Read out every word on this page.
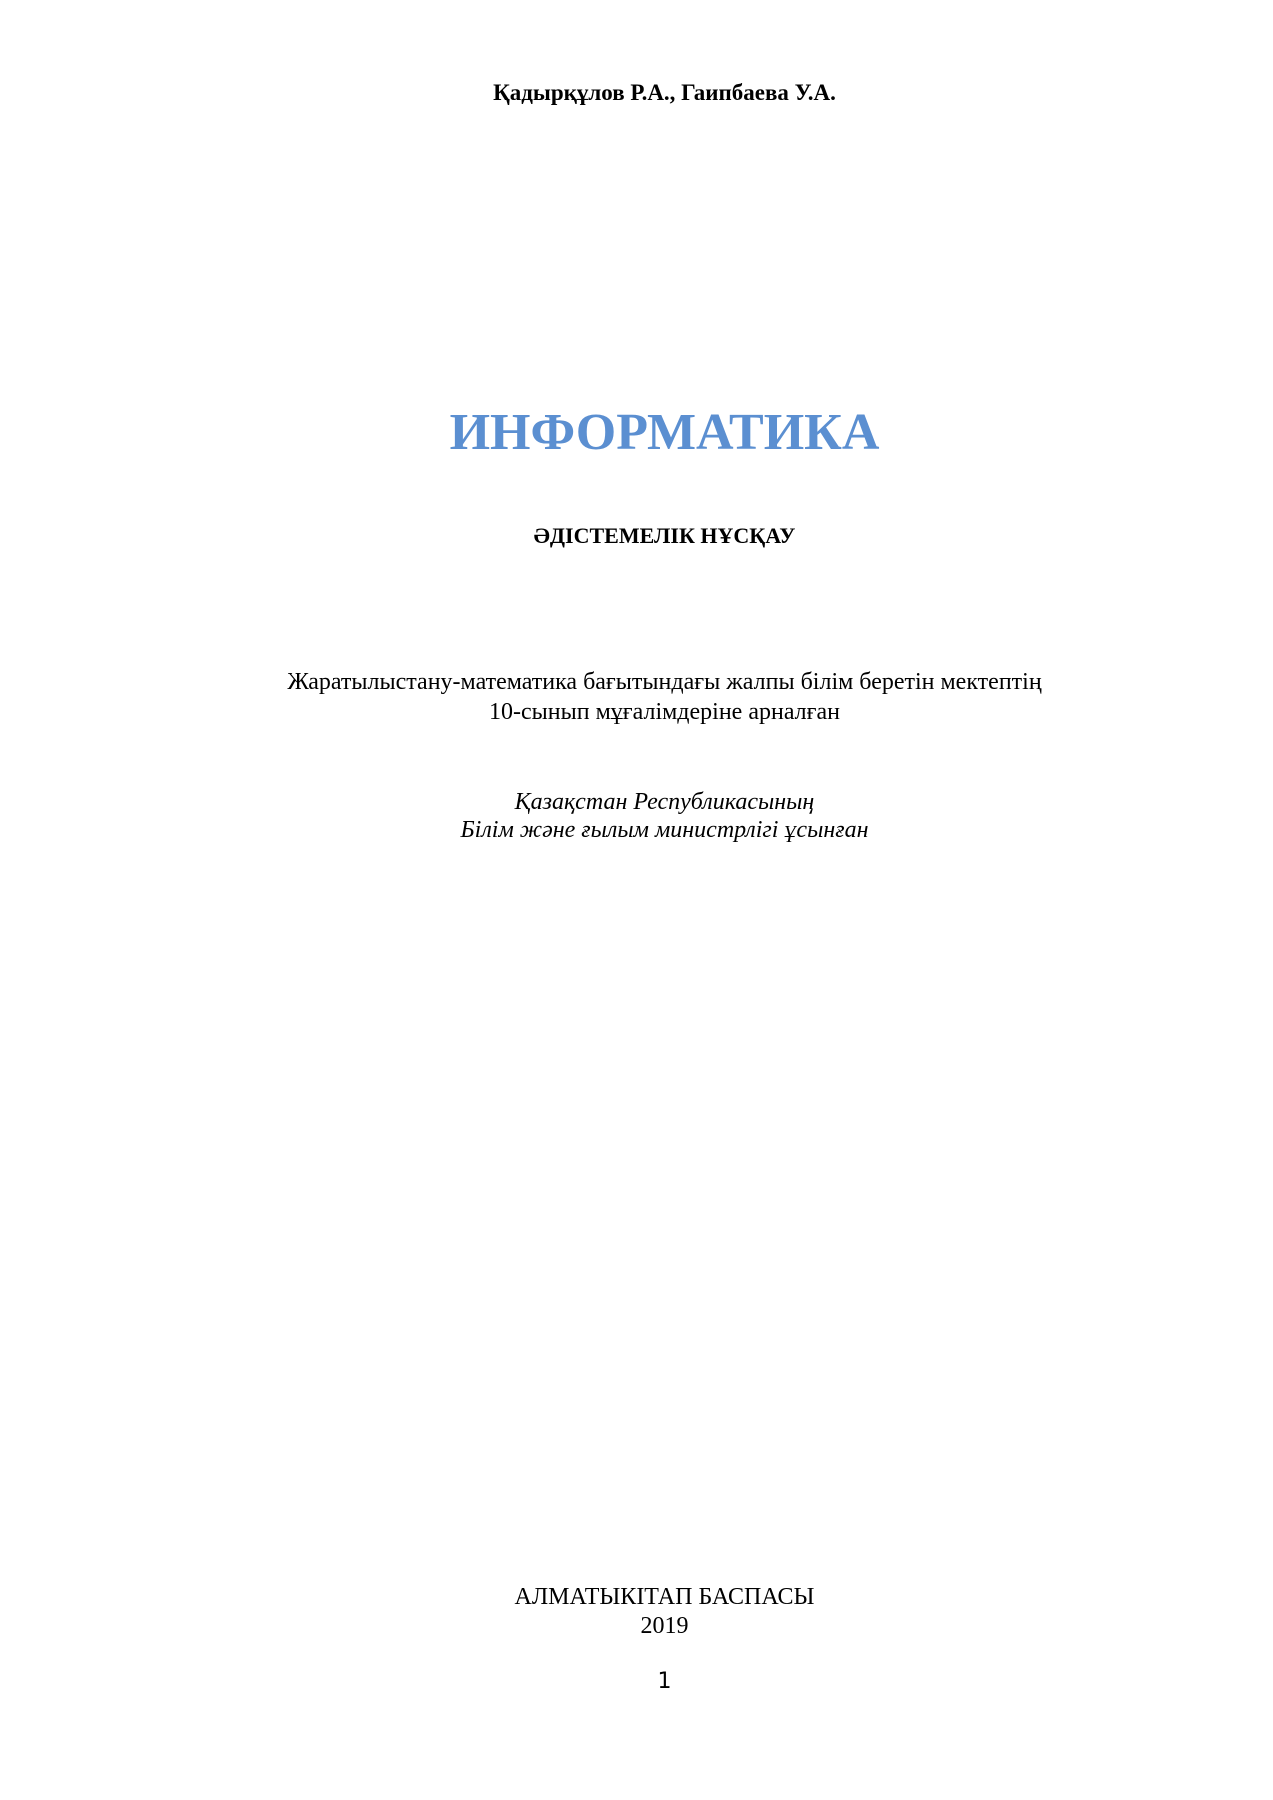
Қадырқұлов Р.А., Гаипбаева У.А.
ИНФОРМАТИКА
ӘДІСТЕМЕЛІК НҰСҚАУ
Жаратылыстану-математика бағытындағы жалпы білім беретін мектептің
10-сынып мұғалімдеріне арналған
Қазақстан Республикасының
Білім және ғылым министрлігі ұсынған
АЛМАТЫКІТАП БАСПАСЫ
2019
1
